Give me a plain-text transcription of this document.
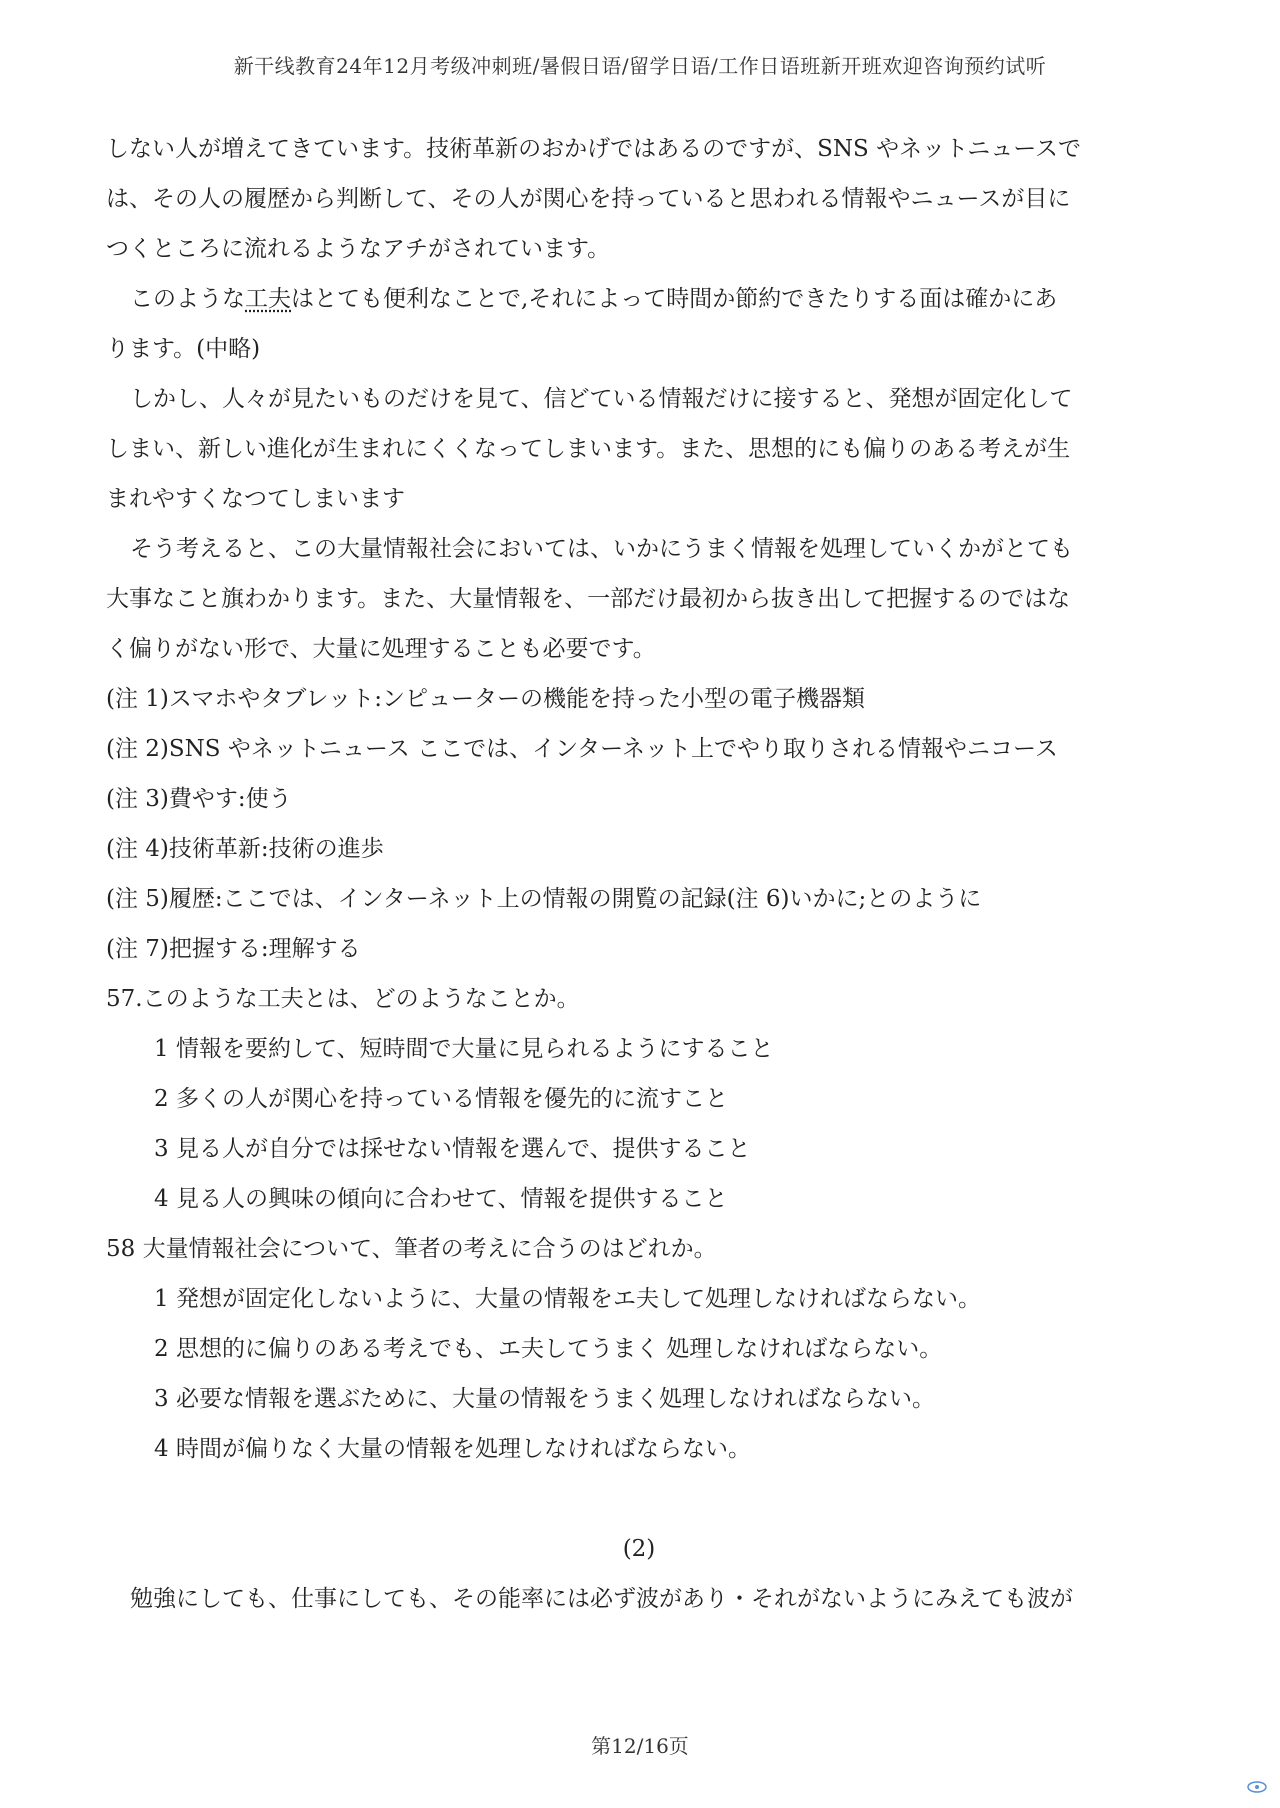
新干线教育24年12月考级冲刺班/暑假日语/留学日语/工作日语班新开班欢迎咨询预约试听
しない人が増えてきています。技術革新のおかげではあるのですが、SNS やネットニュースで
は、その人の履歴から判断して、その人が関心を持っていると思われる情報やニュースが目に
つくところに流れるようなアチがされています。
このような工夫はとても便利なことで,それによって時間か節約できたりする面は確かにあ
ります。(中略)
しかし、人々が見たいものだけを見て、信どている情報だけに接すると、発想が固定化して
しまい、新しい進化が生まれにくくなってしまいます。また、思想的にも偏りのある考えが生
まれやすくなつてしまいます
そう考えると、この大量情報社会においては、いかにうまく情報を処理していくかがとても
大事なこと旗わかります。また、大量情報を、一部だけ最初から抜き出して把握するのではな
く偏りがない形で、大量に処理することも必要です。
(注 1)スマホやタブレット:ンピューターの機能を持った小型の電子機器類
(注 2)SNS やネットニュース ここでは、インターネット上でやり取りされる情報やニコース
(注 3)費やす:使う
(注 4)技術革新:技術の進歩
(注 5)履歴:ここでは、インターネット上の情報の開覧の記録(注 6)いかに;とのように
(注 7)把握する:理解する
57.このような工夫とは、どのようなことか。
1 情報を要約して、短時間で大量に見られるようにすること
2 多くの人が関心を持っている情報を優先的に流すこと
3 見る人が自分では採せない情報を選んで、提供すること
4 見る人の興味の傾向に合わせて、情報を提供すること
58 大量情報社会について、筆者の考えに合うのはどれか。
1 発想が固定化しないように、大量の情報をエ夫して処理しなければならない。
2 思想的に偏りのある考えでも、エ夫してうまく 処理しなければならない。
3 必要な情報を選ぶために、大量の情報をうまく処理しなければならない。
4 時間が偏りなく大量の情報を処理しなければならない。
(2)
勉強にしても、仕事にしても、その能率には必ず波があり・それがないようにみえても波が
第12/16页
